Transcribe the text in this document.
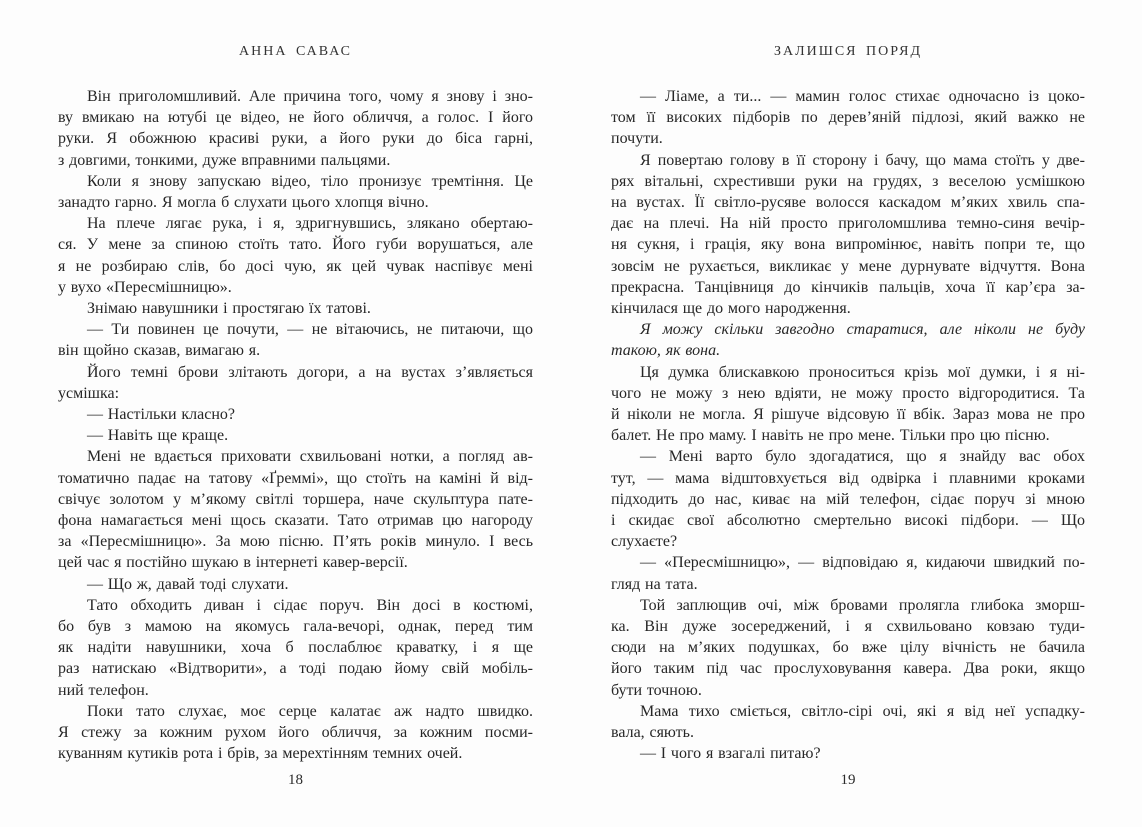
АННА САВАС
Він приголомшливий. Але причина того, чому я знову і зно-
ву вмикаю на ютубі це відео, не його обличчя, а голос. І його
руки. Я обожнюю красиві руки, а його руки до біса гарні,
з довгими, тонкими, дуже вправними пальцями.
Коли я знову запускаю відео, тіло пронизує тремтіння. Це
занадто гарно. Я могла б слухати цього хлопця вічно.
На плече лягає рука, і я, здригнувшись, злякано обертаю-
ся. У мене за спиною стоїть тато. Його губи ворушаться, але
я не розбираю слів, бо досі чую, як цей чувак наспівує мені
у вухо «Пересмішницю».
Знімаю навушники і простягаю їх татові.
— Ти повинен це почути, — не вітаючись, не питаючи, що
він щойно сказав, вимагаю я.
Його темні брови злітають догори, а на вустах з’являється
усмішка:
— Настільки класно?
— Навіть ще краще.
Мені не вдається приховати схвильовані нотки, а погляд ав-
томатично падає на татову «Ґреммі», що стоїть на каміні й від-
свічує золотом у м’якому світлі торшера, наче скульптура пате-
фона намагається мені щось сказати. Тато отримав цю нагороду
за «Пересмішницю». За мою пісню. П’ять років минуло. І весь
цей час я постійно шукаю в інтернеті кавер-версії.
— Що ж, давай тоді слухати.
Тато обходить диван і сідає поруч. Він досі в костюмі,
бо був з мамою на якомусь гала-вечорі, однак, перед тим
як надіти навушники, хоча б послаблює краватку, і я ще
раз натискаю «Відтворити», а тоді подаю йому свій мобіль-
ний телефон.
Поки тато слухає, моє серце калатає аж надто швидко.
Я стежу за кожним рухом його обличчя, за кожним посми-
куванням кутиків рота і брів, за мерехтінням темних очей.
18
ЗАЛИШСЯ ПОРЯД
— Ліаме, а ти... — мамин голос стихає одночасно із цоко-
том її високих підборів по дерев’яній підлозі, який важко не
почути.
Я повертаю голову в її сторону і бачу, що мама стоїть у две-
рях вітальні, схрестивши руки на грудях, з веселою усмішкою
на вустах. Її світло-русяве волосся каскадом м’яких хвиль спа-
дає на плечі. На ній просто приголомшлива темно-синя вечір-
ня сукня, і грація, яку вона випромінює, навіть попри те, що
зовсім не рухається, викликає у мене дурнувате відчуття. Вона
прекрасна. Танцівниця до кінчиків пальців, хоча її кар’єра за-
кінчилася ще до мого народження.
Я можу скільки завгодно старатися, але ніколи не буду
такою, як вона.
Ця думка блискавкою проноситься крізь мої думки, і я ні-
чого не можу з нею вдіяти, не можу просто відгородитися. Та
й ніколи не могла. Я рішуче відсовую її вбік. Зараз мова не про
балет. Не про маму. І навіть не про мене. Тільки про цю пісню.
— Мені варто було здогадатися, що я знайду вас обох
тут, — мама відштовхується від одвірка і плавними кроками
підходить до нас, киває на мій телефон, сідає поруч зі мною
і скидає свої абсолютно смертельно високі підбори. — Що
слухаєте?
— «Пересмішницю», — відповідаю я, кидаючи швидкий по-
гляд на тата.
Той заплющив очі, між бровами пролягла глибока зморш-
ка. Він дуже зосереджений, і я схвильовано ковзаю туди-
сюди на м’яких подушках, бо вже цілу вічність не бачила
його таким під час прослуховування кавера. Два роки, якщо
бути точною.
Мама тихо сміється, світло-сірі очі, які я від неї успадку-
вала, сяють.
— І чого я взагалі питаю?
19
